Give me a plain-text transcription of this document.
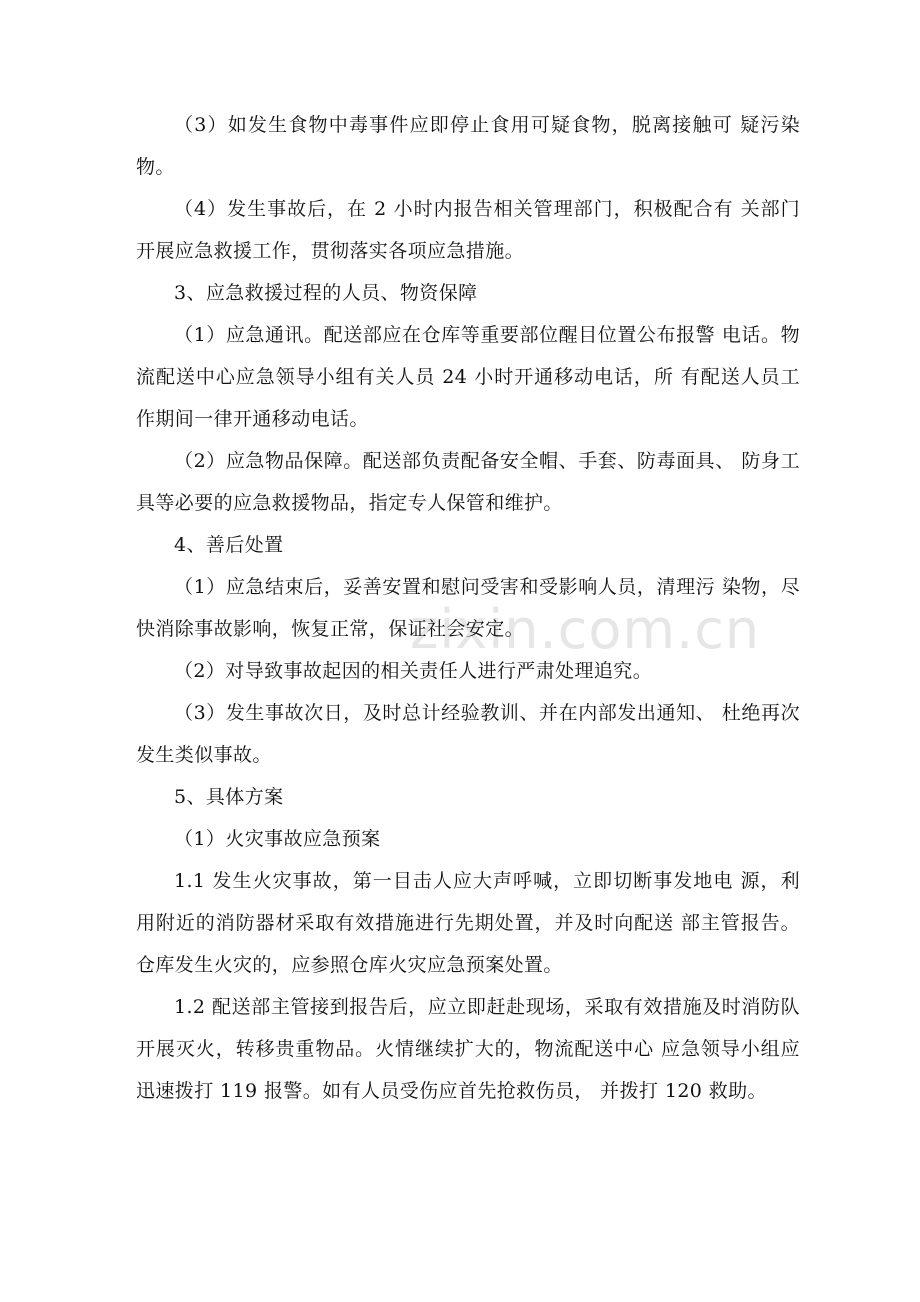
zixin.com.cn

（3）如发生食物中毒事件应即停止食用可疑食物，脱离接触可 疑污染物。

（4）发生事故后，在 2 小时内报告相关管理部门，积极配合有 关部门开展应急救援工作，贯彻落实各项应急措施。

3、应急救援过程的人员、物资保障

（1）应急通讯。配送部应在仓库等重要部位醒目位置公布报警 电话。物流配送中心应急领导小组有关人员 24 小时开通移动电话，所 有配送人员工作期间一律开通移动电话。

（2）应急物品保障。配送部负责配备安全帽、手套、防毒面具、 防身工具等必要的应急救援物品，指定专人保管和维护。

4、善后处置

（1）应急结束后，妥善安置和慰问受害和受影响人员，清理污 染物，尽快消除事故影响，恢复正常，保证社会安定。

（2）对导致事故起因的相关责任人进行严肃处理追究。

（3）发生事故次日，及时总计经验教训、并在内部发出通知、 杜绝再次发生类似事故。

5、具体方案

（1）火灾事故应急预案

1.1 发生火灾事故，第一目击人应大声呼喊，立即切断事发地电 源，利用附近的消防器材采取有效措施进行先期处置，并及时向配送 部主管报告。仓库发生火灾的，应参照仓库火灾应急预案处置。

1.2 配送部主管接到报告后，应立即赶赴现场，采取有效措施及时消防队开展灭火，转移贵重物品。火情继续扩大的，物流配送中心 应急领导小组应迅速拨打 119 报警。如有人员受伤应首先抢救伤员， 并拨打 120 救助。
